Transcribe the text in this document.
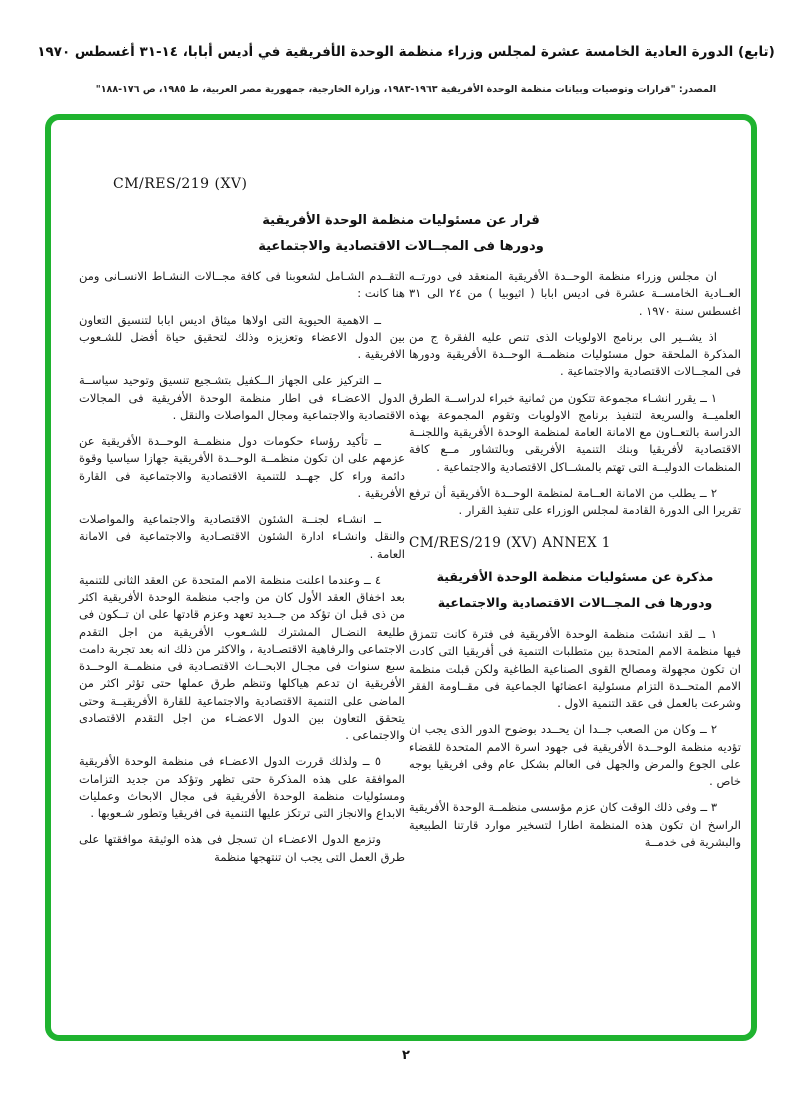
(تابع) الدورة العادية الخامسة عشرة لمجلس وزراء منظمة الوحدة الأفريقية في أديس أبابا، ١٤-٣١ أغسطس ١٩٧٠
المصدر: "قرارات وتوصيات وبيانات منظمة الوحدة الأفريقية ١٩٦٣-١٩٨٣، وزارة الخارجية، جمهورية مصر العربية، ط ١٩٨٥، ص ١٧٦-١٨٨"
CM/RES/219 (XV)
قرار عن مسئوليات منظمة الوحدة الأفريقية
ودورها فى المجــالات الاقتصادية والاجتماعية

ان مجلس وزراء منظمة الوحــدة الأفريقية المنعقد فى دورتــه العــادية الخامســة عشرة فى اديس ابابا ( اثيوبيا ) من ٢٤ الى ٣١ اغسطس سنة ١٩٧٠ .

اذ يشــير الى برنامج الاولويات الذى تنص عليه الفقرة ج من المذكرة الملحقة حول مسئوليات منظمــة الوحــدة الأفريقية ودورها فى المجــالات الاقتصادية والاجتماعية .

١ ــ يقرر انشـاء مجموعة تتكون من ثمانية خبراء لدراســة الطرق العلميــة والسريعة لتنفيذ برنامج الاولويات وتقوم المجموعة بهذه الدراسة بالتعــاون مع الامانة العامة لمنظمة الوحدة الأفريقية واللجنــة الاقتصادية لأفريقيا وبنك التنمية الأفريقى وبالتشاور مــع كافة المنظمات الدوليــة التى تهتم بالمشــاكل الاقتصادية والاجتماعية .

٢ ــ يطلب من الامانة العــامة لمنظمة الوحــدة الأفريقية أن ترفع تقريرا الى الدورة القادمة لمجلس الوزراء على تنفيذ القرار .

CM/RES/219 (XV) ANNEX 1
مذكرة عن مسئوليات منظمة الوحدة الأفريقية
ودورها فى المجــالات الاقتصادية والاجتماعية

١ ــ لقد انشئت منظمة الوحدة الأفريقية فى فترة كانت تتمزق فيها منظمة الامم المتحدة بين متطلبات التنمية فى أفريقيا التى كادت ان تكون مجهولة ومصالح القوى الصناعية الطاغية ولكن قبلت منظمة الامم المتحــدة التزام مسئولية اعضائها الجماعية فى مقــاومة الفقر وشرعت بالعمل فى عقد التنمية الاول .

٢ ــ وكان من الصعب جــدا ان يحــدد بوضوح الدور الذى يجب ان تؤديه منظمة الوحــدة الأفريقية فى جهود اسرة الامم المتحدة للقضاء على الجوع والمرض والجهل فى العالم بشكل عام وفى افريقيا بوجه خاص .

٣ ــ وفى ذلك الوقت كان عزم مؤسسى منظمــة الوحدة الأفريقية الراسخ ان تكون هذه المنظمة اطارا لتسخير موارد قارتنا الطبيعية والبشرية فى خدمــة

التقــدم الشـامل لشعوبنا فى كافة مجــالات النشـاط الانسـانى ومن هنا كانت :

ــ الاهمية الحيوية التى اولاها ميثاق اديس ابابا لتنسيق التعاون بين الدول الاعضاء وتعزيزه وذلك لتحقيق حياة أفضل للشـعوب الافريقية .

ــ التركيز على الجهاز الــكفيل بتشـجيع تنسيق وتوحيد سياســة الدول الاعضـاء فى اطار منظمة الوحدة الأفريقية فى المجالات الاقتصادية والاجتماعية ومجال المواصلات والنقل .

ــ تأكيد رؤساء حكومات دول منظمــة الوحــدة الأفريقية عن عزمهم على ان تكون منظمــة الوحــدة الأفريقية جهازا سياسيا وقوة دائمة وراء كل جهــد للتنمية الاقتصادية والاجتماعية فى القارة الأفريقية .

ــ انشـاء لجنــة الشئون الاقتصادية والاجتماعية والمواصلات والنقل وانشـاء ادارة الشئون الاقتصـادية والاجتماعية فى الامانة العامة .

٤ ــ وعندما اعلنت منظمة الامم المتحدة عن العقد الثانى للتنمية بعد اخفاق العقد الأول كان من واجب منظمة الوحدة الأفريقية اكثر من ذى قبل ان تؤكد من جــديد تعهد وعزم قادتها على ان تــكون فى طليعة النضـال المشترك للشـعوب الأفريقية من اجل التقدم الاجتماعى والرفاهية الاقتصـادية ، والاكثر من ذلك انه بعد تجربة دامت سبع سنوات فى مجـال الابحــاث الاقتصـادية فى منظمــة الوحــدة الأفريقية ان تدعم هياكلها وتنظم طرق عملها حتى تؤثر اكثر من الماضى على التنمية الاقتصادية والاجتماعية للقارة الأفريقيــة وحتى يتحقق التعاون بين الدول الاعضـاء من اجل التقدم الاقتصادى والاجتماعى .

٥ ــ ولذلك قررت الدول الاعضـاء فى منظمة الوحدة الأفريقية الموافقة على هذه المذكرة حتى تظهر وتؤكد من جديد التزامات ومسئوليات منظمة الوحدة الأفريقية فى مجال الابحاث وعمليات الابداع والانجاز التى ترتكز عليها التنمية فى افريقيا وتطور شـعوبها .

وتزمع الدول الاعضـاء ان تسجل فى هذه الوثيقة موافقتها على طرق العمل التى يجب ان تنتهجها منظمة

٢
